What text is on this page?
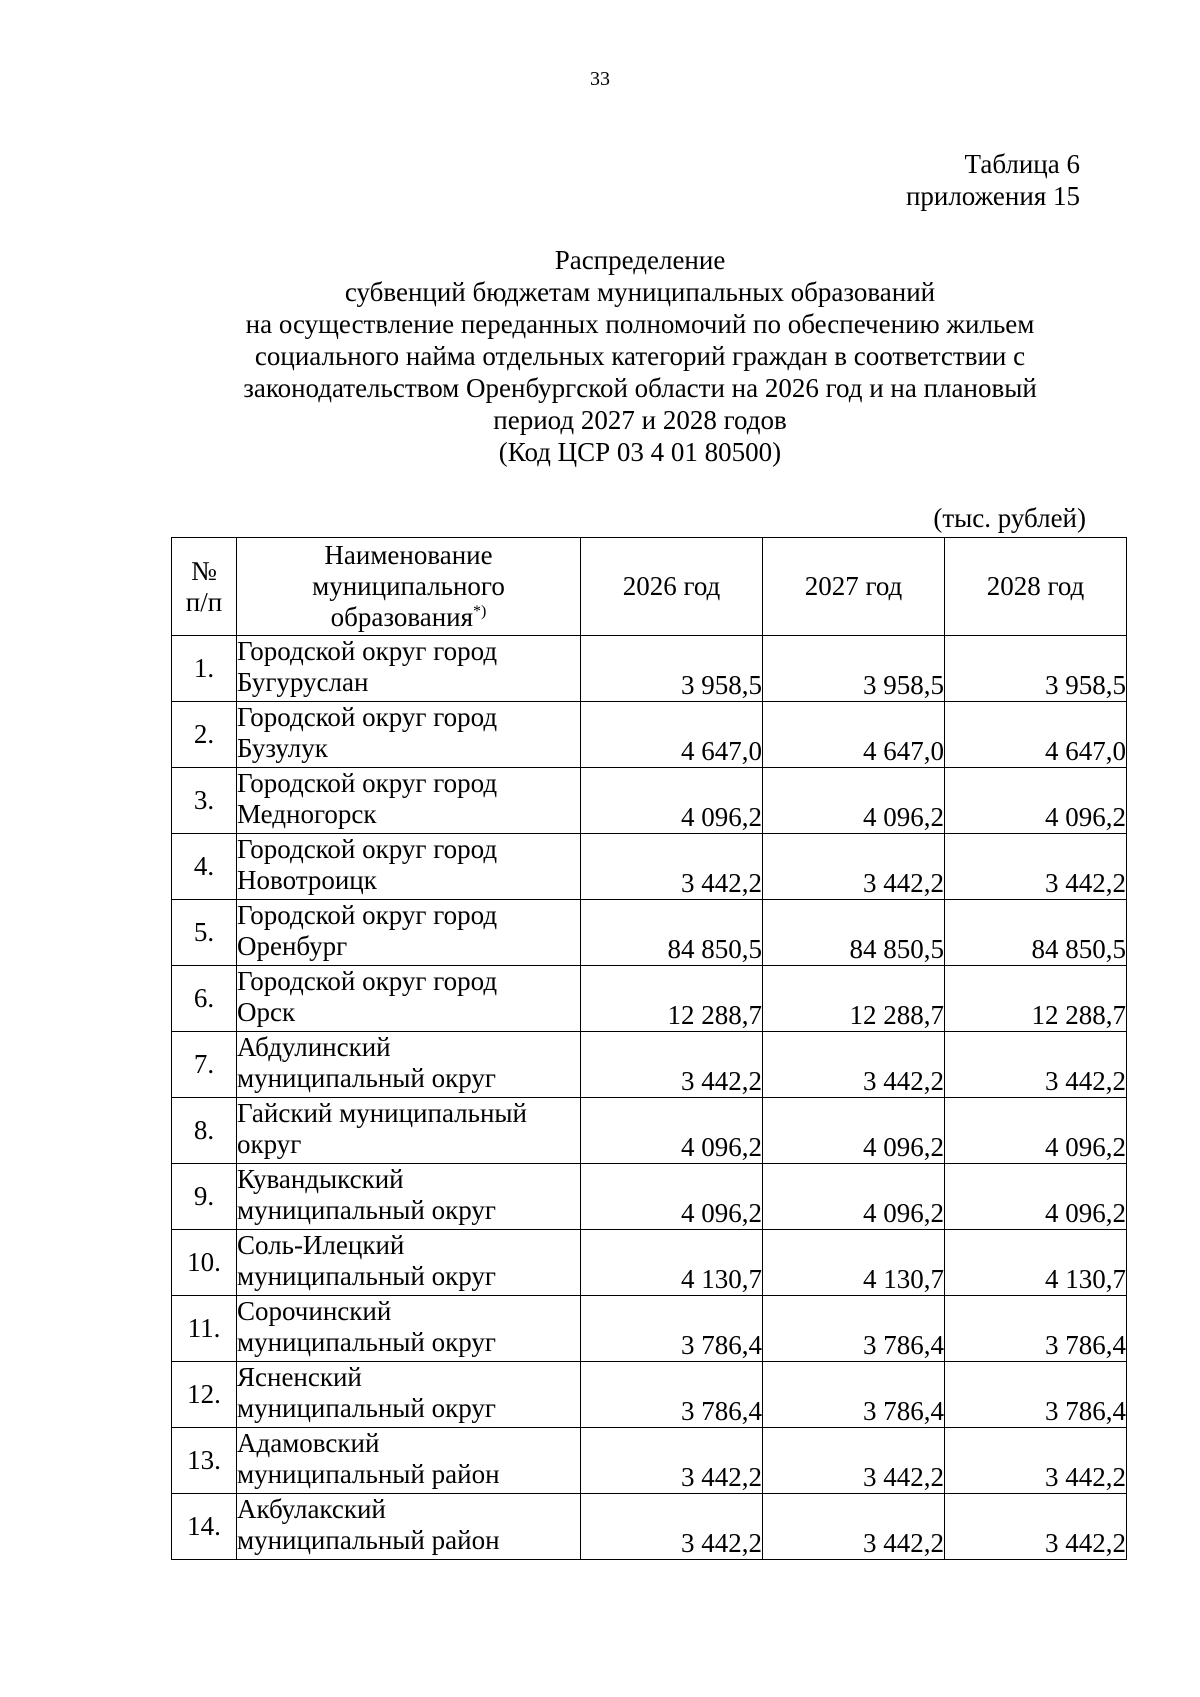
33
Таблица 6
приложения 15
Распределение
субвенций бюджетам муниципальных образований
на осуществление переданных полномочий по обеспечению жильем
социального найма отдельных категорий граждан в соответствии с
законодательством Оренбургской области на 2026 год и на плановый
период 2027 и 2028 годов
(Код ЦСР 03 4 01 80500)
(тыс. рублей)
№
п/п	Наименование
муниципального
образования*)	2026 год	2027 год	2028 год
1.	Городской округ город
Бугуруслан	3 958,5	3 958,5	3 958,5
2.	Городской округ город
Бузулук	4 647,0	4 647,0	4 647,0
3.	Городской округ город
Медногорск	4 096,2	4 096,2	4 096,2
4.	Городской округ город
Новотроицк	3 442,2	3 442,2	3 442,2
5.	Городской округ город
Оренбург	84 850,5	84 850,5	84 850,5
6.	Городской округ город
Орск	12 288,7	12 288,7	12 288,7
7.	Абдулинский
муниципальный округ	3 442,2	3 442,2	3 442,2
8.	Гайский муниципальный
округ	4 096,2	4 096,2	4 096,2
9.	Кувандыкский
муниципальный округ	4 096,2	4 096,2	4 096,2
10.	Соль-Илецкий
муниципальный округ	4 130,7	4 130,7	4 130,7
11.	Сорочинский
муниципальный округ	3 786,4	3 786,4	3 786,4
12.	Ясненский
муниципальный округ	3 786,4	3 786,4	3 786,4
13.	Адамовский
муниципальный район	3 442,2	3 442,2	3 442,2
14.	Акбулакский
муниципальный район	3 442,2	3 442,2	3 442,2
